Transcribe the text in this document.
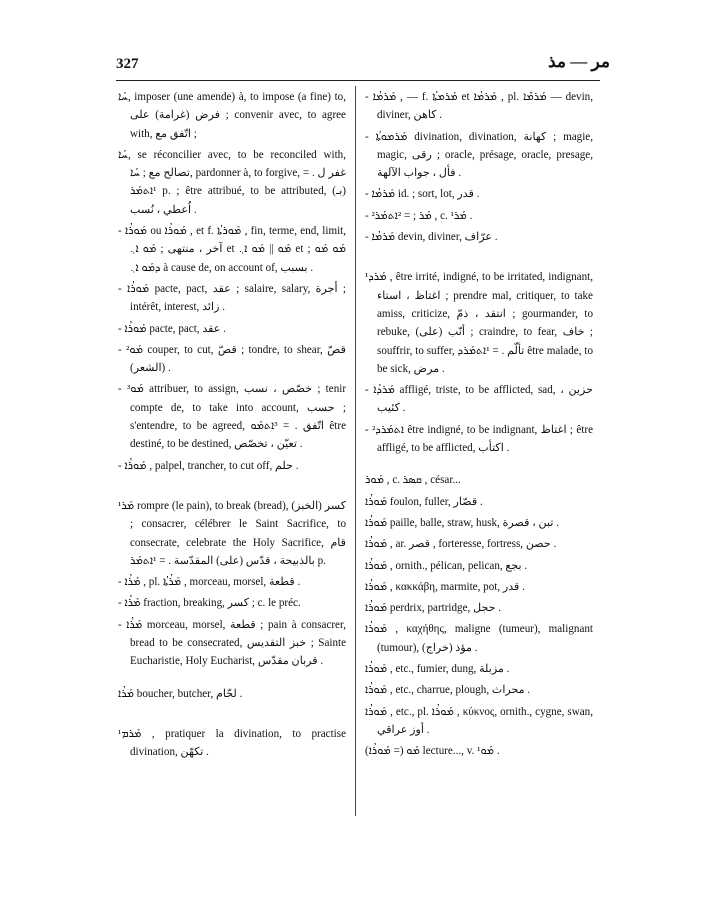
327	ﻣﺮ — ﻣﺬ

ܚܰܐ, imposer (une amende) à, to impose (a fine) to, فرض (غرامة) على ; convenir avec, to agree with, اتّفق مع ;

ܚܰܐ, se réconcilier avec, to be reconciled with, تصالح مع ; ܚܰܐ, pardonner à, to forgive, غفر ل . = ¹ܐܬܡܰܪ p. ; être attribué, to be attributed, (بـ) اُعطي ، نُسب .

- ܡܰܘܪܳܐ ou ܡܰܘܪܳܐ , et f. ܡܰܘܪܬܳܐ , fin, terme, end, limit, آخر ، منتهى ; ܡܰܘ ܐ܆ et ܡܰܘ || ܡܰܘ ܐ܆ et ܡܰܘ ܡܰܘ ; ܕܡܰܘ ܐ܆ à cause de, on account of, بسبب .

- ܡܰܘܪܳܐ pacte, pact, عقد ; salaire, salary, أجرة ; intérêt, interest, زائد .

- ܡܰܘܪܳܐ pacte, pact, عقد .

- ²ܡܰܘ couper, to cut, قصّ ; tondre, to shear, قصّ (الشعر) .

- ³ܡܰܘ attribuer, to assign, خصّص ، نسب ; tenir compte de, to take into account, حسب ; s'entendre, to be agreed, اتّفق . = ³ܐܬܡܰܘ être destiné, to be destined, تعيّن ، تخصّص .

- ܡܰܘܪܳܐ , palpel, trancher, to cut off, حلم .

¹ܡܰܪ rompre (le pain), to break (bread), كسر (الخبز) ; consacrer, célébrer le Saint Sacrifice, to consecrate, celebrate the Holy Sacrifice, قام بالذبيحة ، قدّس (على) المقدّسة . = ¹ܐܬܡܰܪ p.

- ܡܰܪܳܐ , pl. ܡܰܪܳܬܳܐ , morceau, morsel, قطعة .

- ܡܰܪܳܐ fraction, breaking, كسر ; c. le préc.

- ܡܰܪܳܐ morceau, morsel, قطعة ; pain à consacrer, bread to be consecrated, خبز التقديس ; Sainte Eucharistie, Holy Eucharist, قربان مقدّس .

ܡܰܪܳܐ boucher, butcher, لحّام .

¹ܡܰܪܡ , pratiquer la divination, to practise divination, تكهّن .

- ܡܰܪܡܳܐ , — f. ܡܰܪܡܬܳܐ et ܡܰܪܡܳܐ , pl. ܡܰܪܡܶܐ — devin, diviner, كاهن .

- ܡܰܪܡܘܬܳܐ divination, divination, كهانة ; magie, magic, رقى ; oracle, présage, oracle, presage, فأل ، جواب الآلهة .

- ܡܰܪܡܳܐ id. ; sort, lot, قدر .

- ²ܡܰܪ ; = ²ܐܬܡܰܪ , c. ¹ܡܰܪ .

- ܡܰܪܡܳܐ devin, diviner, عرّاف .

¹ܡܰܪܕ , être irrité, indigné, to be irritated, indignant, اغتاظ ، استاء ; prendre mal, critiquer, to take amiss, criticize, انتقد ، ذمّ ; gourmander, to rebuke, أنّب (على) ; craindre, to fear, خاف ; souffrir, to suffer, تألّم . = ¹ܐܬܡܰܪܕ être malade, to be sick, مرض .

- ܡܰܪܕܳܐ affligé, triste, to be afflicted, sad, حزين ، كئيب .

- ²ܐܬܡܰܪܕ être indigné, to be indignant, اغتاظ ; être affligé, to be afflicted, اكتأب .

ܡܰܘܪ , c. ܩܣܪ , césar...

ܡܰܘܪܳܐ foulon, fuller, قصّار .

ܡܰܘܪܳܐ paille, balle, straw, husk, تبن ، قصرة .

ܡܰܘܪܳܐ , ar. قصر , forteresse, fortress, حصن .

ܡܰܘܪܳܐ , ornith., pélican, pelican, بجع .

ܡܰܘܪܳܐ , κακκάβη, marmite, pot, قدر .

ܡܰܘܪܳܐ perdrix, partridge, حجل .

ܡܰܘܪܳܐ , καχήθης, maligne (tumeur), malignant (tumour), (خراج) مؤذ .

ܡܰܘܪܳܐ , etc., fumier, dung, مزبلة .

ܡܰܘܪܳܐ , etc., charrue, plough, محراث .

ܡܰܘܪܳܐ , etc., pl. ܡܰܘܪܳܐ , κύκνος, ornith., cygne, swan, أوز عراقي .

ܡܰܘ (= ܡܰܘܪܳܐ) lecture..., v. ¹ܡܰܘ .
